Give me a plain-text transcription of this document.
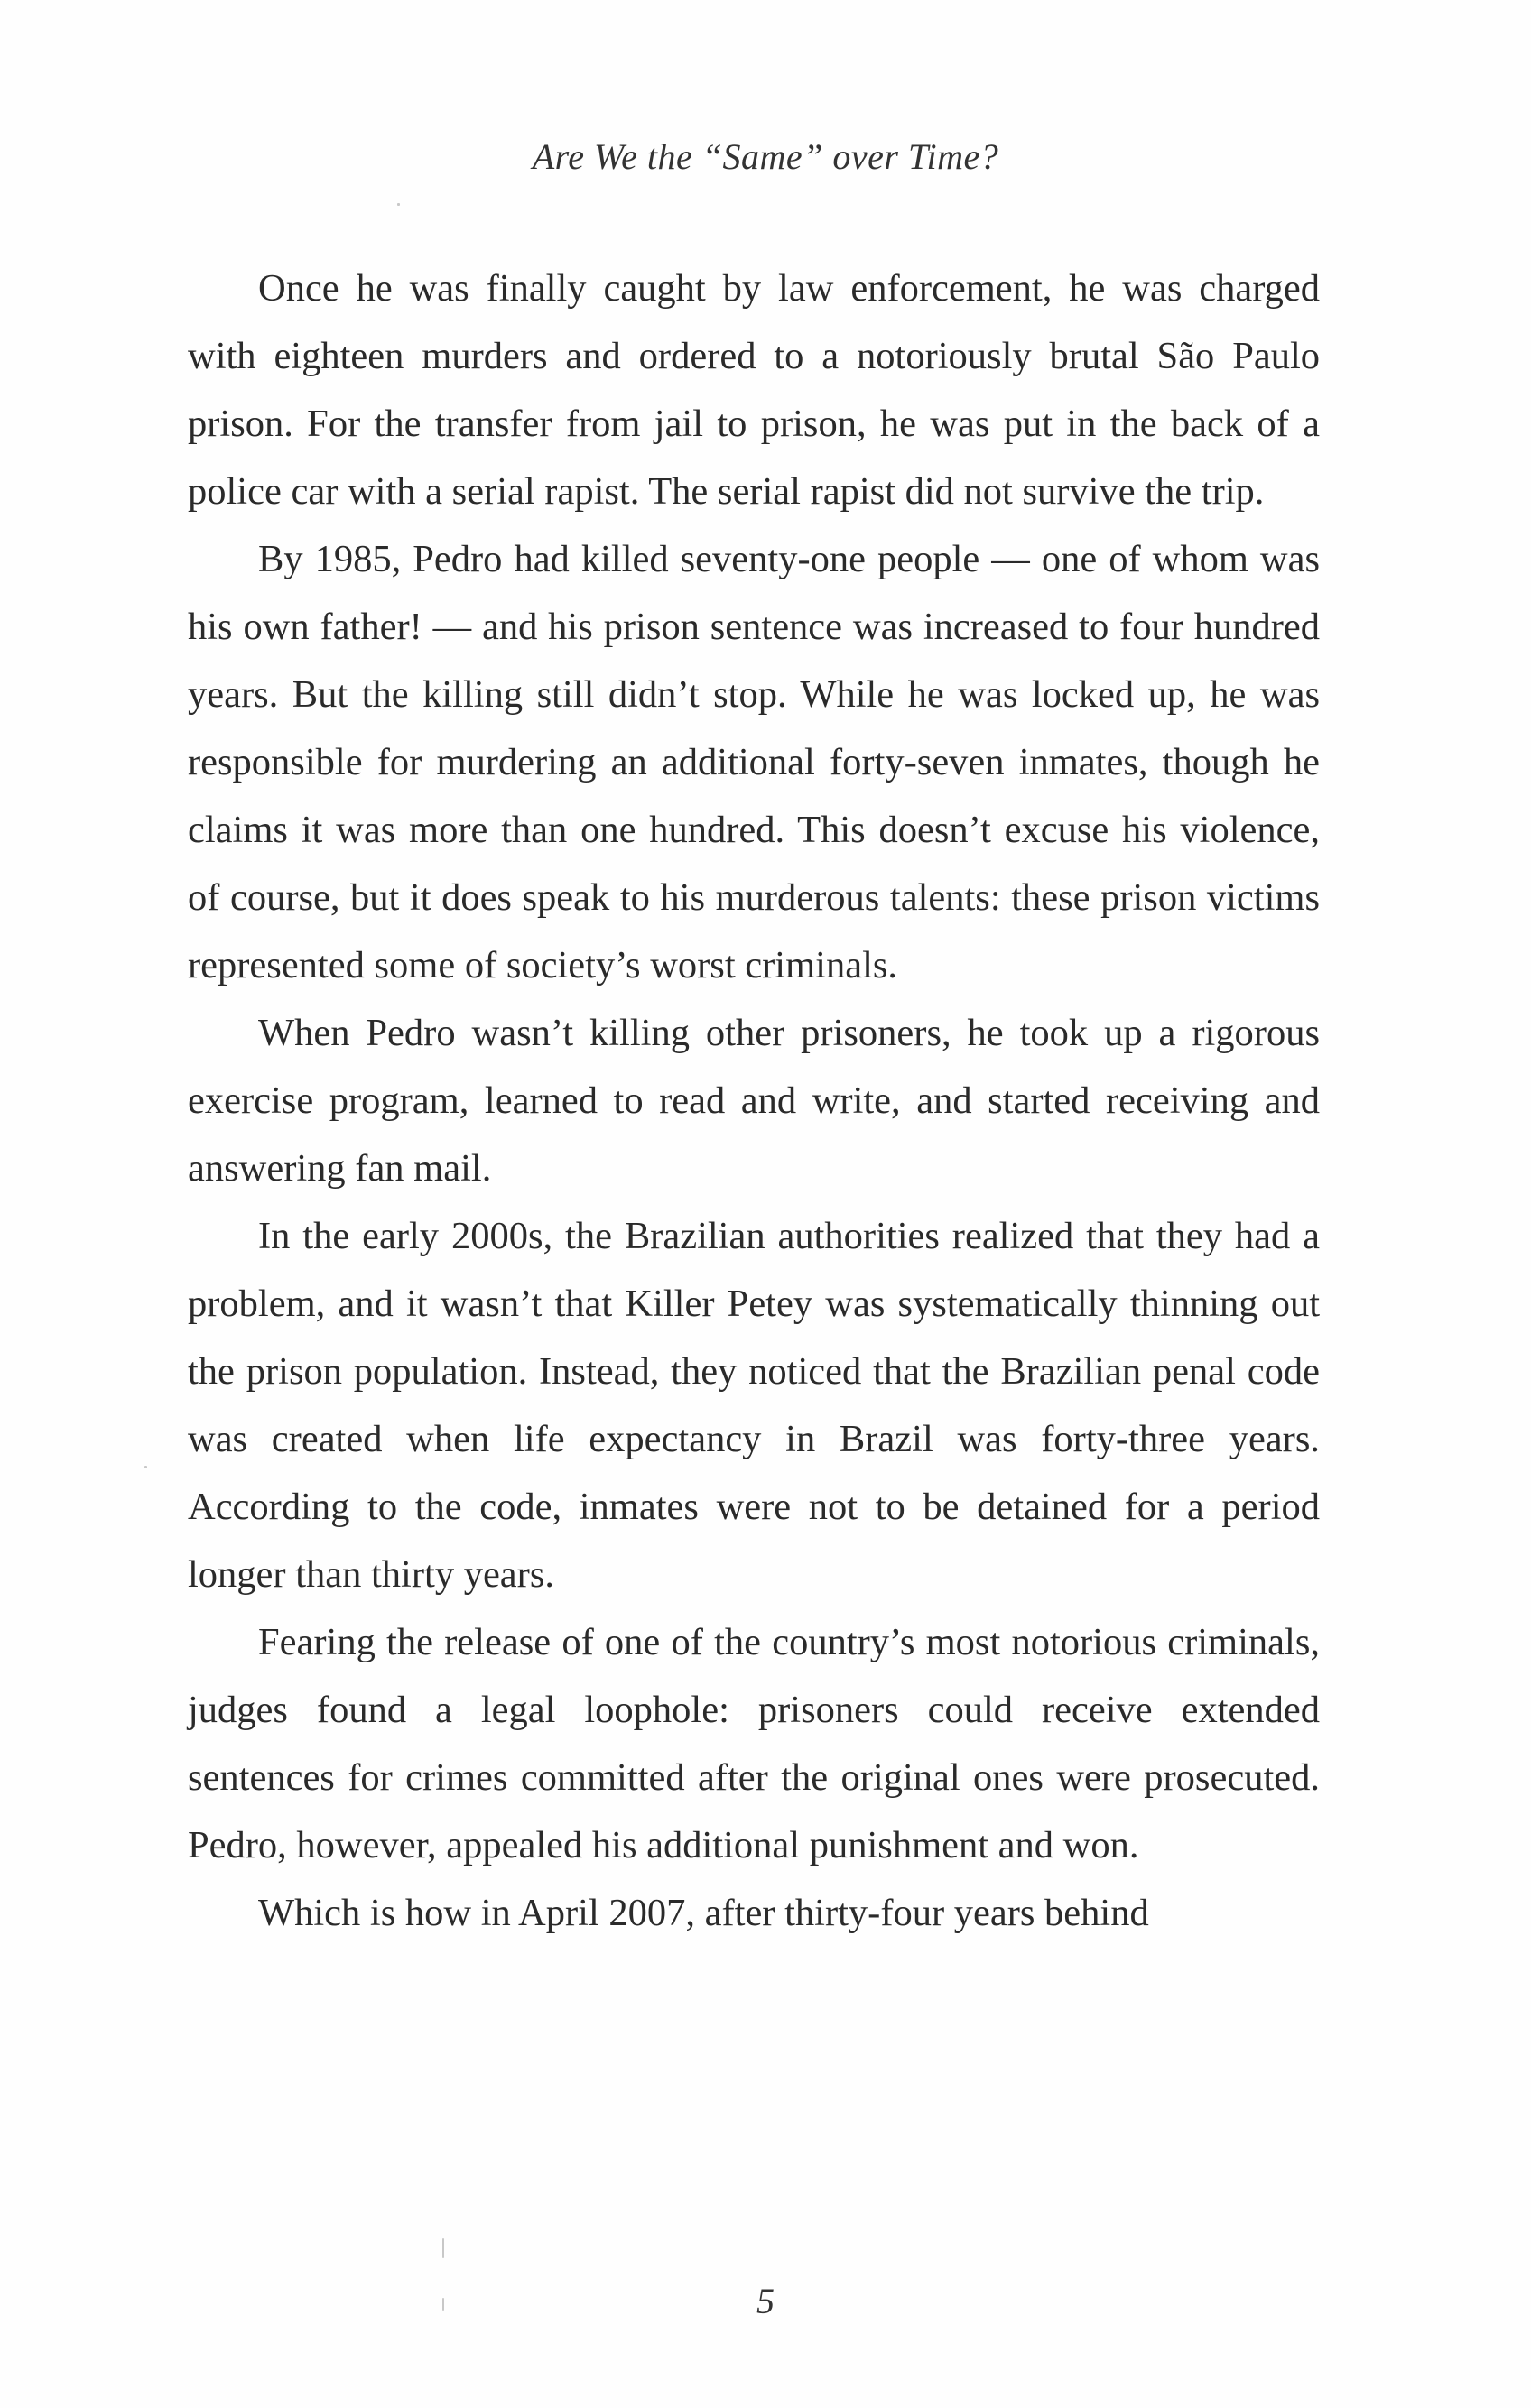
Are We the “Same” over Time?

Once he was finally caught by law enforcement, he was charged with eighteen murders and ordered to a notoriously brutal São Paulo prison. For the transfer from jail to prison, he was put in the back of a police car with a serial rapist. The serial rapist did not survive the trip.

By 1985, Pedro had killed seventy-one people — one of whom was his own father! — and his prison sentence was increased to four hundred years. But the killing still didn’t stop. While he was locked up, he was responsible for murdering an additional forty-seven inmates, though he claims it was more than one hundred. This doesn’t excuse his violence, of course, but it does speak to his murderous talents: these prison victims represented some of society’s worst criminals.

When Pedro wasn’t killing other prisoners, he took up a rigorous exercise program, learned to read and write, and started receiving and answering fan mail.

In the early 2000s, the Brazilian authorities realized that they had a problem, and it wasn’t that Killer Petey was systematically thinning out the prison population. Instead, they noticed that the Brazilian penal code was created when life expectancy in Brazil was forty-three years. According to the code, inmates were not to be detained for a period longer than thirty years.

Fearing the release of one of the country’s most notorious criminals, judges found a legal loophole: prisoners could receive extended sentences for crimes committed after the original ones were prosecuted. Pedro, however, appealed his additional punishment and won.

Which is how in April 2007, after thirty-four years behind

5
